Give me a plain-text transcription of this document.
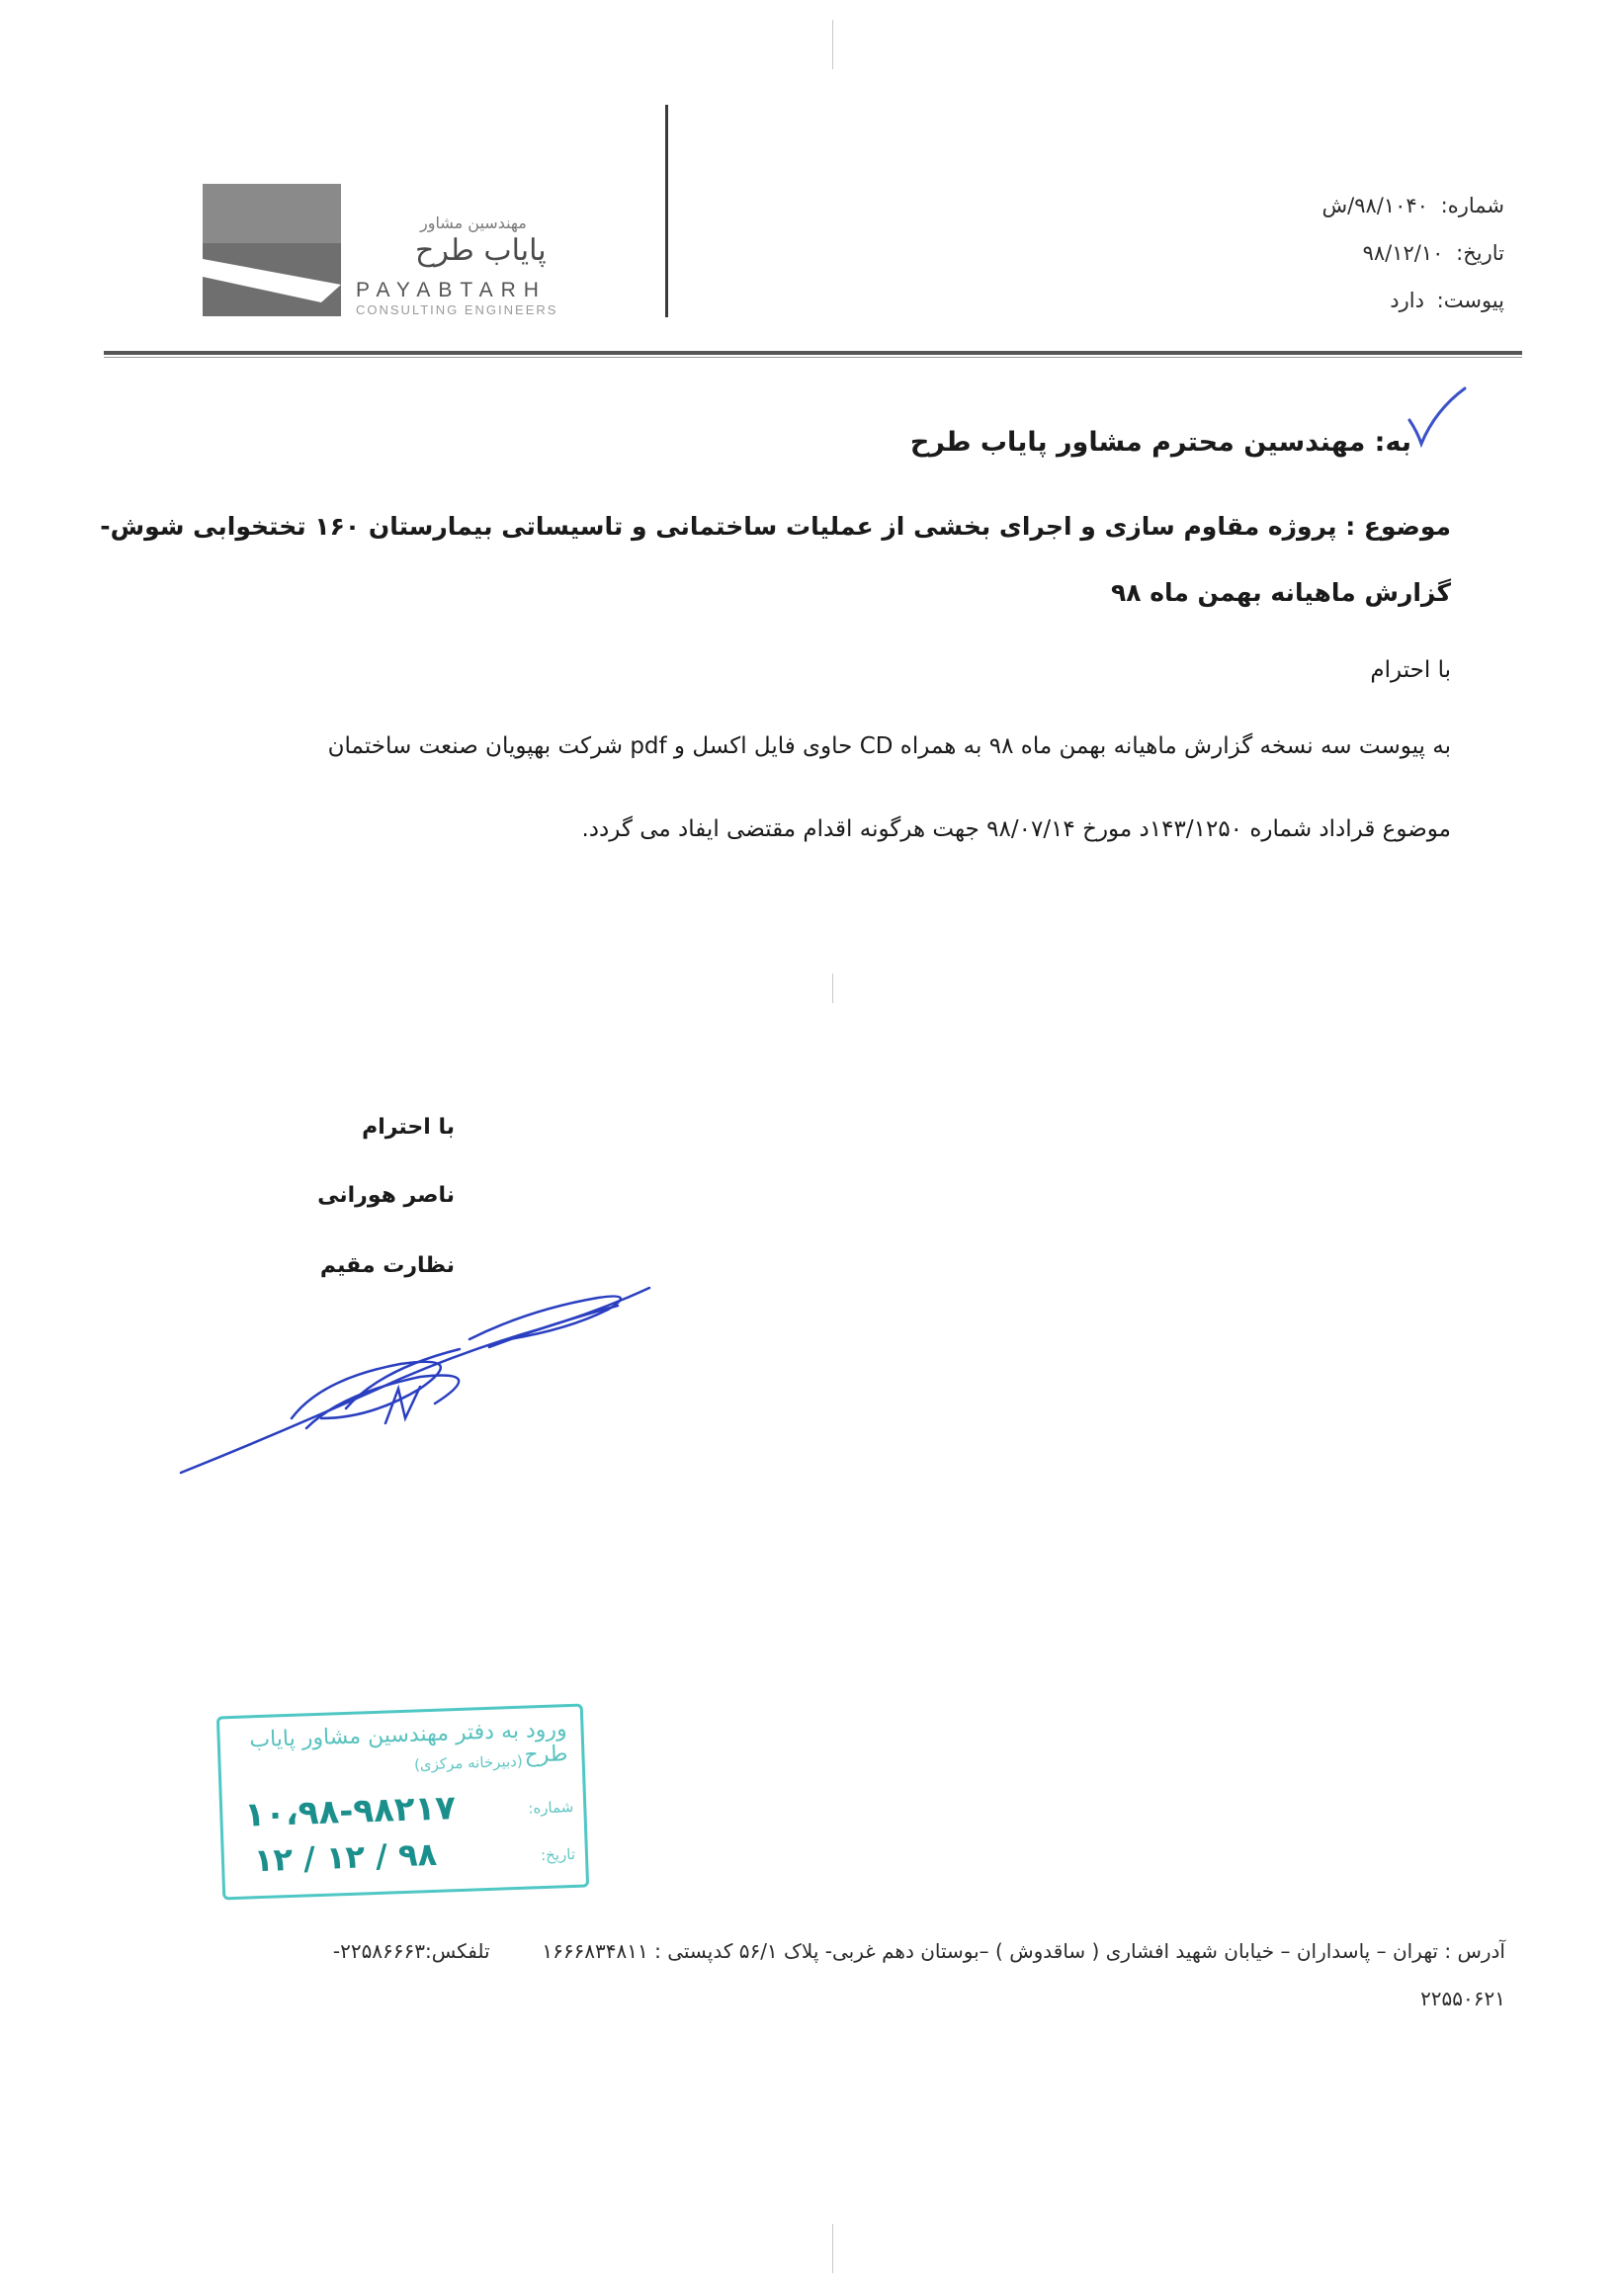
شماره: ۹۸/۱۰۴۰/ش
تاریخ: ۹۸/۱۲/۱۰
پیوست: دارد
مهندسین مشاور
پایاب طرح
PAYABTARH
CONSULTING ENGINEERS
به: مهندسین محترم مشاور پایاب طرح
موضوع : پروژه مقاوم سازی و اجرای بخشی از عملیات ساختمانی و تاسیساتی بیمارستان ۱۶۰ تختخوابی شوش-
گزارش ماهیانه بهمن ماه ۹۸
با احترام
به پیوست سه نسخه گزارش ماهیانه بهمن ماه ۹۸ به همراه CD حاوی فایل اکسل و pdf شرکت بهپویان صنعت ساختمان
موضوع قراداد شماره ۱۴۳/۱۲۵۰د مورخ ۹۸/۰۷/۱۴ جهت هرگونه اقدام مقتضی ایفاد می گردد.
با احترام
ناصر هورانی
نظارت مقیم
ورود به دفتر مهندسین مشاور پایاب طرح
(دبیرخانه مرکزی)
شماره:
۱۰،۹۸-۹۸۲۱۷
تاریخ:
۹۸ / ۱۲ / ۱۲
آدرس : تهران – پاسداران – خیابان شهید افشاری ( ساقدوش ) –بوستان دهم غربی- پلاک ۵۶/۱ کدپستی : ۱۶۶۶۸۳۴۸۱۱  تلفکس:۲۲۵۸۶۶۶۳-
۲۲۵۵۰۶۲۱
